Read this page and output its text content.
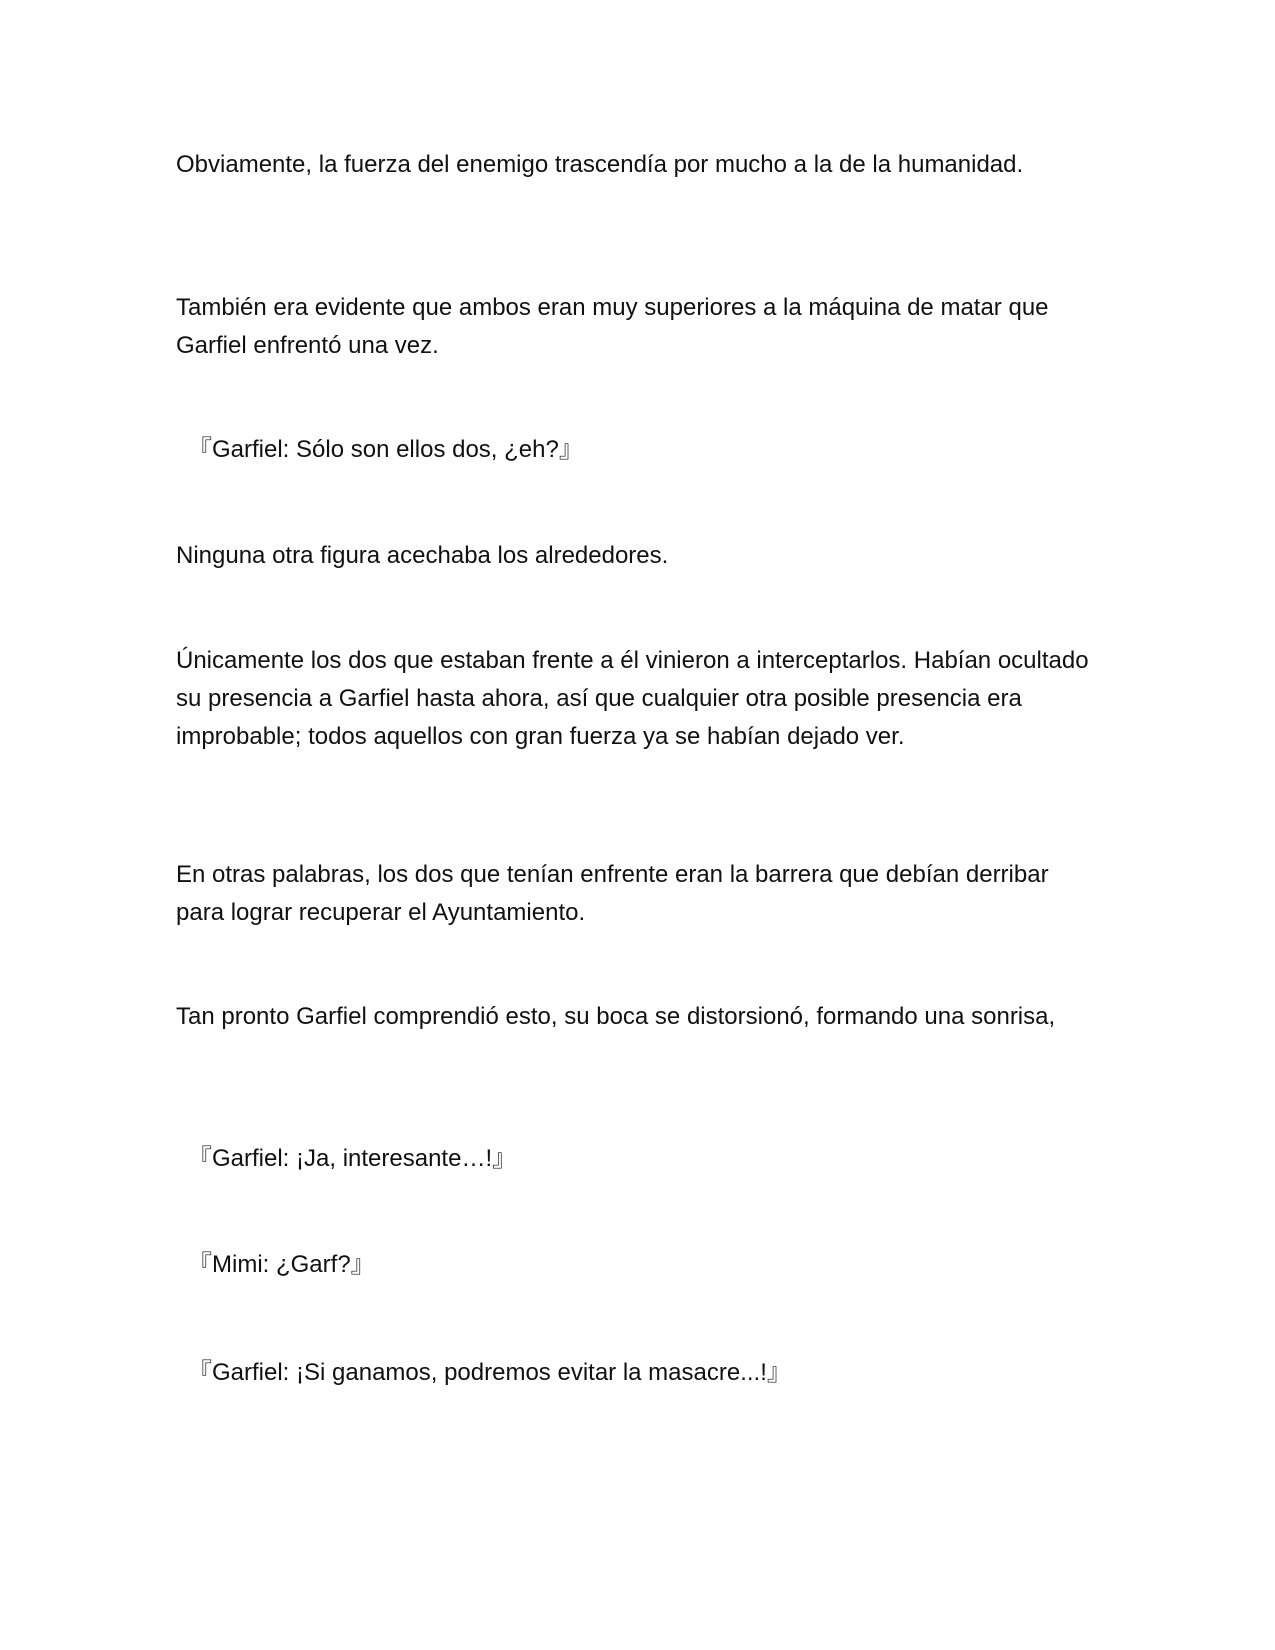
Obviamente, la fuerza del enemigo trascendía por mucho a la de la humanidad.

También era evidente que ambos eran muy superiores a la máquina de matar que Garfiel enfrentó una vez.

『Garfiel: Sólo son ellos dos, ¿eh?』

Ninguna otra figura acechaba los alrededores.

Únicamente los dos que estaban frente a él vinieron a interceptarlos. Habían ocultado su presencia a Garfiel hasta ahora, así que cualquier otra posible presencia era improbable; todos aquellos con gran fuerza ya se habían dejado ver.

En otras palabras, los dos que tenían enfrente eran la barrera que debían derribar para lograr recuperar el Ayuntamiento.

Tan pronto Garfiel comprendió esto, su boca se distorsionó, formando una sonrisa,

『Garfiel: ¡Ja, interesante…!』

『Mimi: ¿Garf?』

『Garfiel: ¡Si ganamos, podremos evitar la masacre...!』
